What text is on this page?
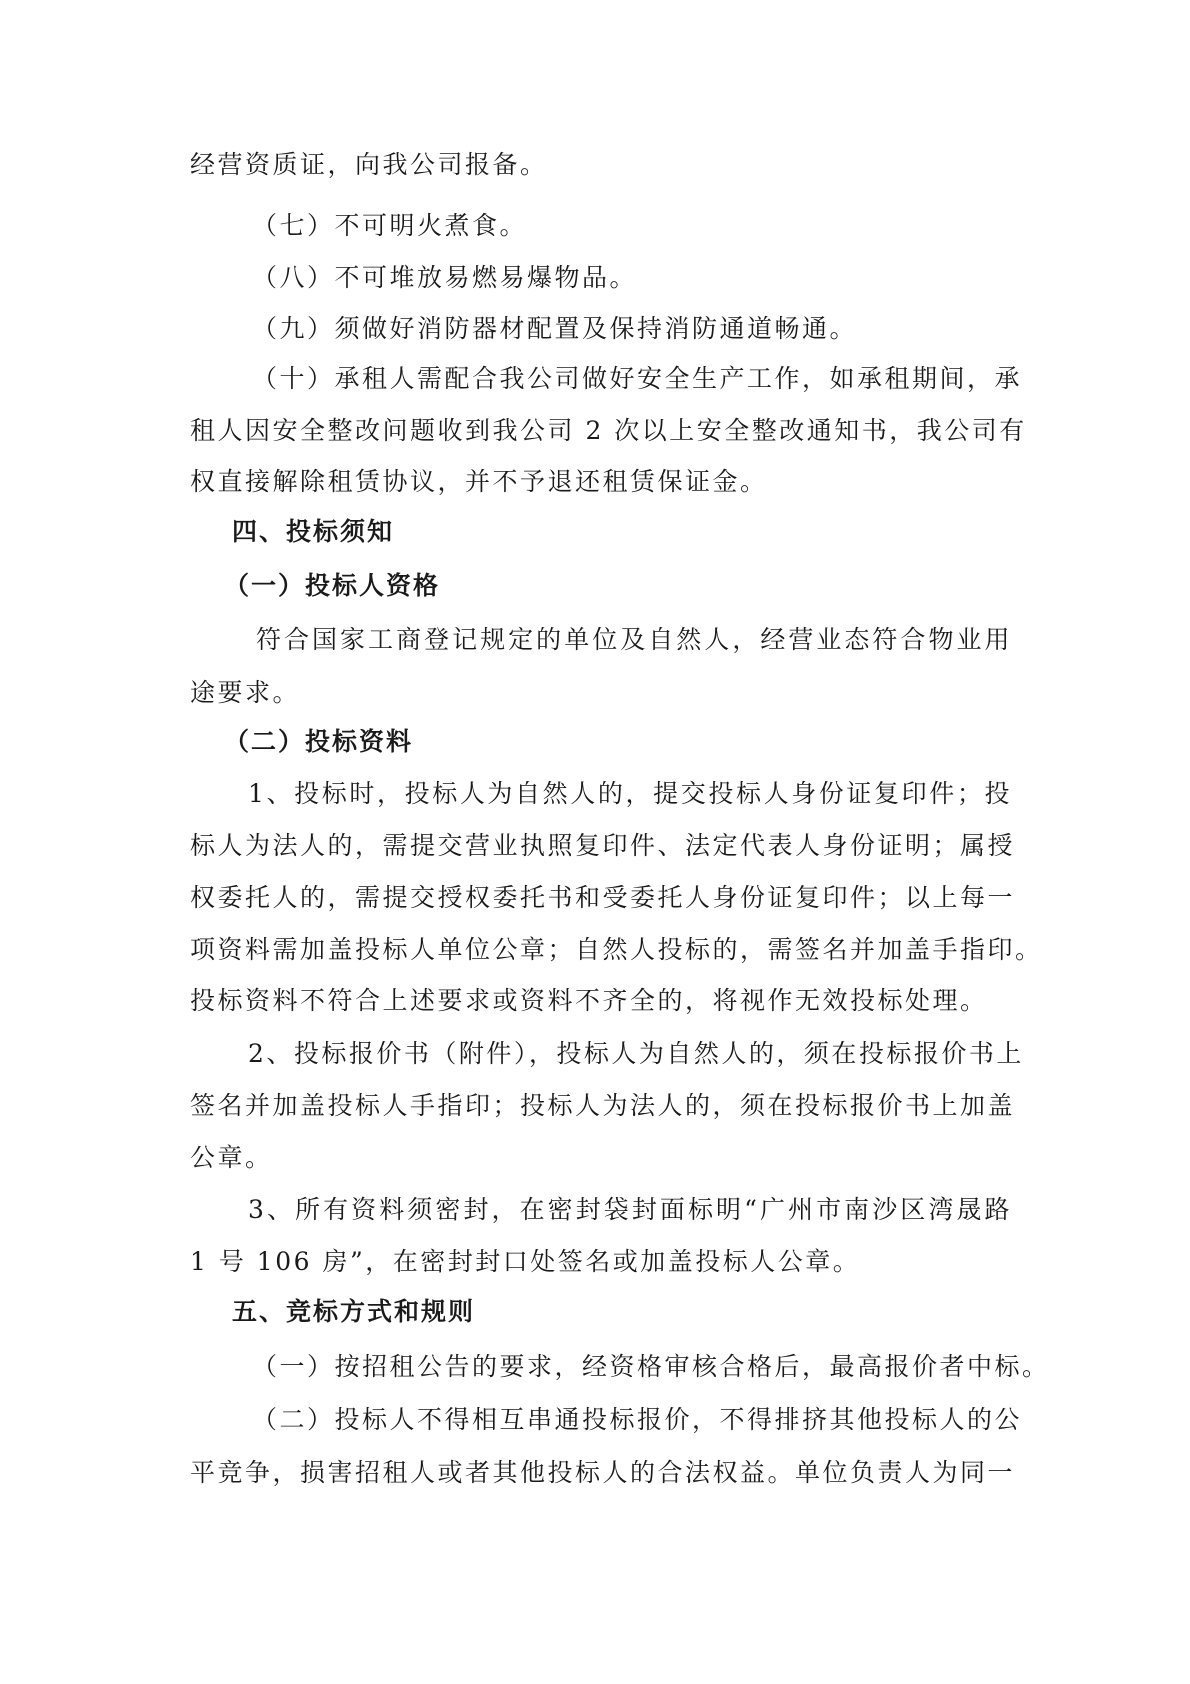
经营资质证，向我公司报备。
（七）不可明火煮食。
（八）不可堆放易燃易爆物品。
（九）须做好消防器材配置及保持消防通道畅通。
（十）承租人需配合我公司做好安全生产工作，如承租期间，承
租人因安全整改问题收到我公司 2 次以上安全整改通知书，我公司有
权直接解除租赁协议，并不予退还租赁保证金。
四、投标须知
（一）投标人资格
符合国家工商登记规定的单位及自然人，经营业态符合物业用
途要求。
（二）投标资料
1、投标时，投标人为自然人的，提交投标人身份证复印件；投
标人为法人的，需提交营业执照复印件、法定代表人身份证明；属授
权委托人的，需提交授权委托书和受委托人身份证复印件；以上每一
项资料需加盖投标人单位公章；自然人投标的，需签名并加盖手指印。
投标资料不符合上述要求或资料不齐全的，将视作无效投标处理。
2、投标报价书（附件），投标人为自然人的，须在投标报价书上
签名并加盖投标人手指印；投标人为法人的，须在投标报价书上加盖
公章。
3、所有资料须密封，在密封袋封面标明“广州市南沙区湾晟路
1 号 106 房”，在密封封口处签名或加盖投标人公章。
五、竞标方式和规则
（一）按招租公告的要求，经资格审核合格后，最高报价者中标。
（二）投标人不得相互串通投标报价，不得排挤其他投标人的公
平竞争，损害招租人或者其他投标人的合法权益。单位负责人为同一
